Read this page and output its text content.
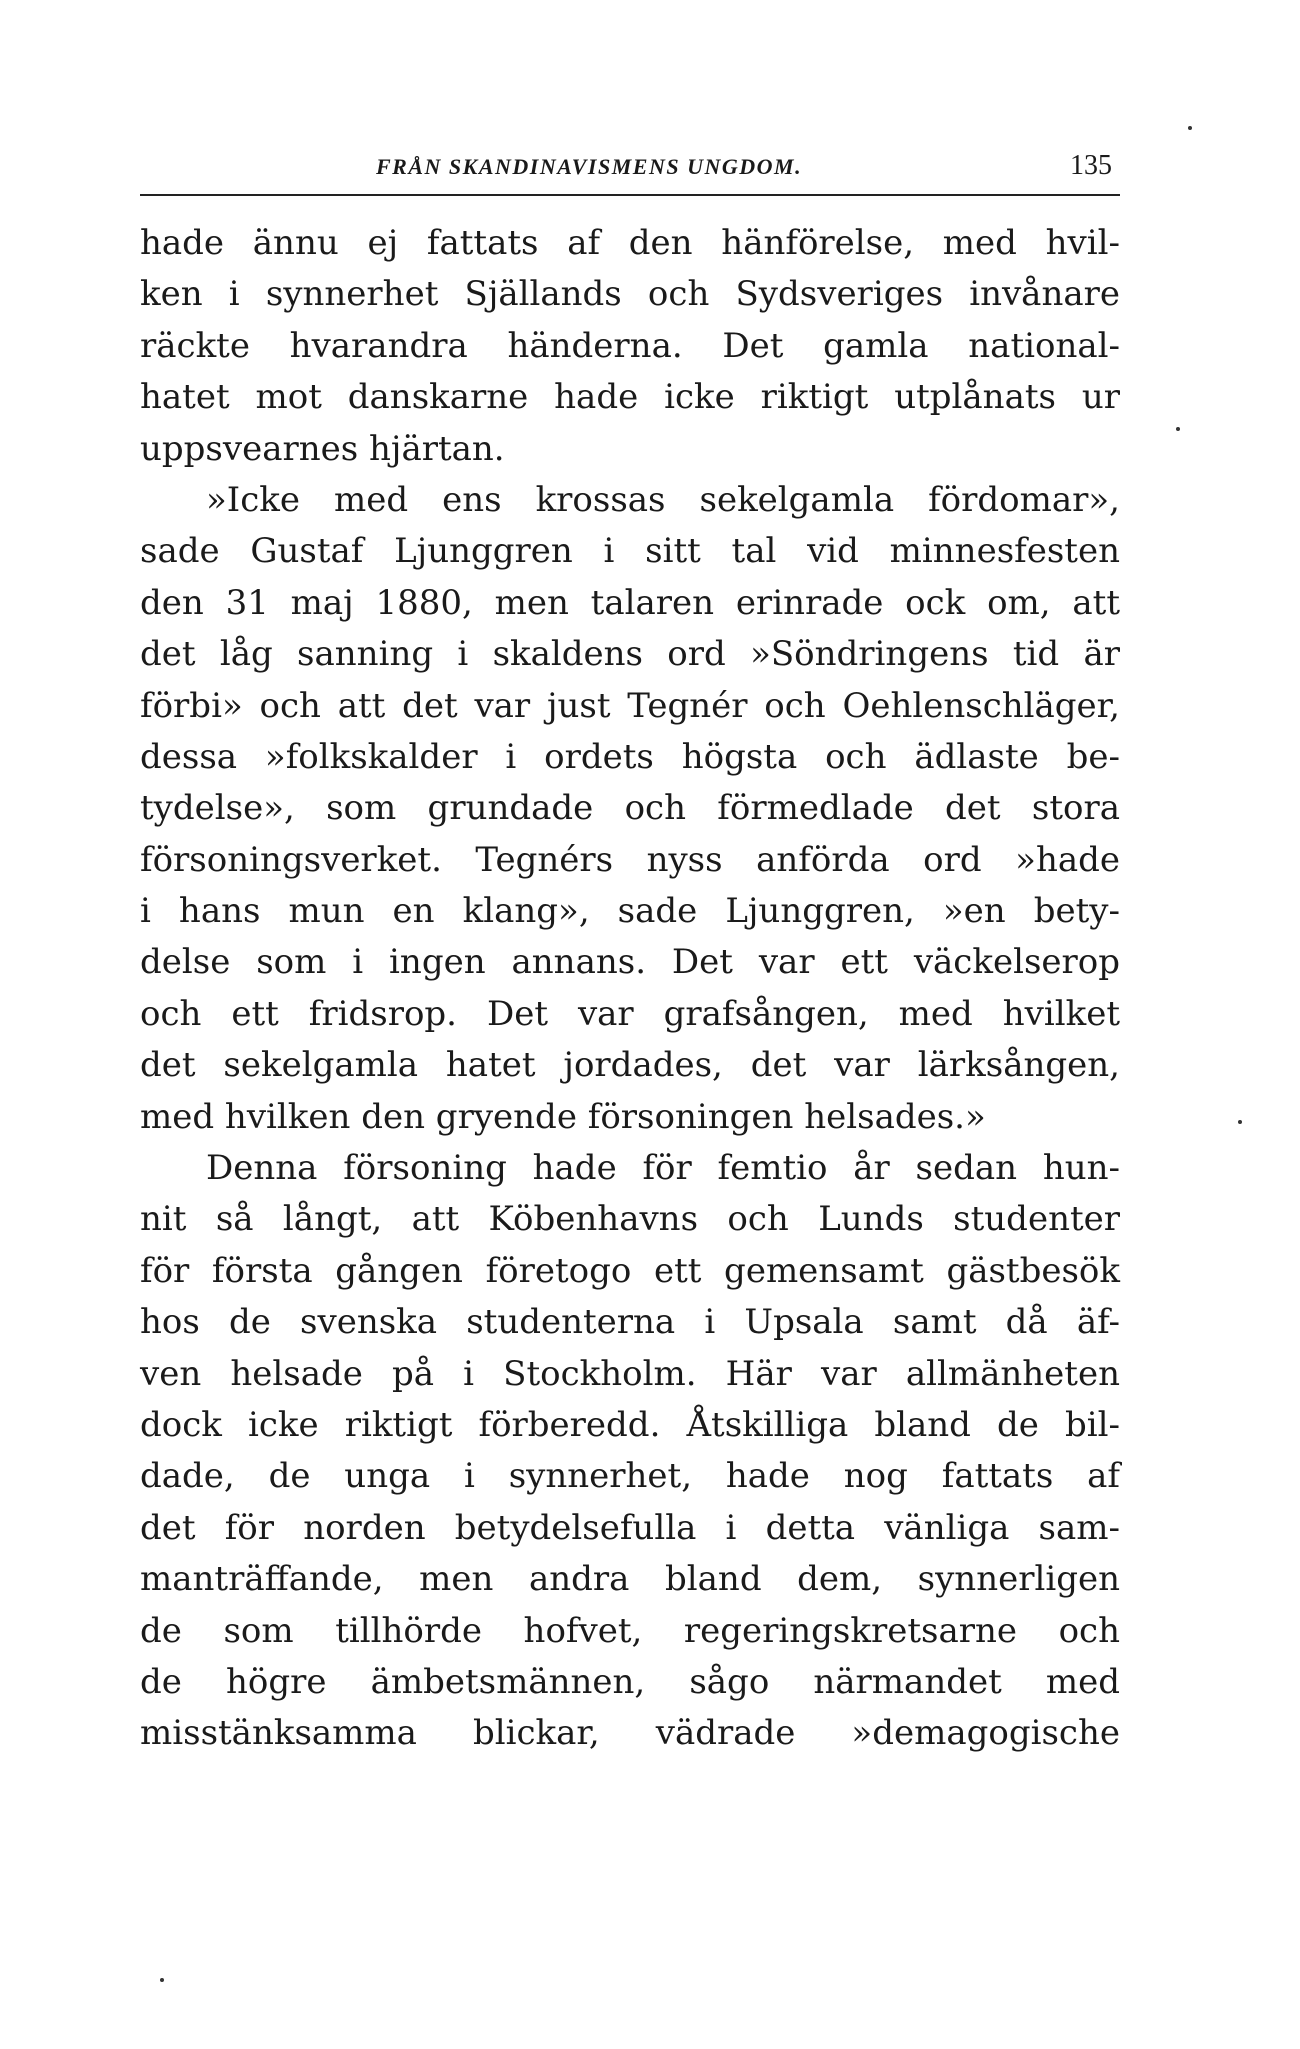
FRÅN SKANDINAVISMENS UNGDOM.	135
hade ännu ej fattats af den hänförelse, med hvil-
ken i synnerhet Själlands och Sydsveriges invånare
räckte hvarandra händerna. Det gamla national-
hatet mot danskarne hade icke riktigt utplånats ur
uppsvearnes hjärtan.
»Icke med ens krossas sekelgamla fördomar»,
sade Gustaf Ljunggren i sitt tal vid minnesfesten
den 31 maj 1880, men talaren erinrade ock om, att
det låg sanning i skaldens ord »Söndringens tid är
förbi» och att det var just Tegnér och Oehlenschläger,
dessa »folkskalder i ordets högsta och ädlaste be-
tydelse», som grundade och förmedlade det stora
försoningsverket. Tegnérs nyss anförda ord »hade
i hans mun en klang», sade Ljunggren, »en bety-
delse som i ingen annans. Det var ett väckelserop
och ett fridsrop. Det var grafsången, med hvilket
det sekelgamla hatet jordades, det var lärksången,
med hvilken den gryende försoningen helsades.»
Denna försoning hade för femtio år sedan hun-
nit så långt, att Köbenhavns och Lunds studenter
för första gången företogo ett gemensamt gästbesök
hos de svenska studenterna i Upsala samt då äf-
ven helsade på i Stockholm. Här var allmänheten
dock icke riktigt förberedd. Åtskilliga bland de bil-
dade, de unga i synnerhet, hade nog fattats af
det för norden betydelsefulla i detta vänliga sam-
manträffande, men andra bland dem, synnerligen
de som tillhörde hofvet, regeringskretsarne och
de högre ämbetsmännen, sågo närmandet med
misstänksamma blickar, vädrade »demagogische
